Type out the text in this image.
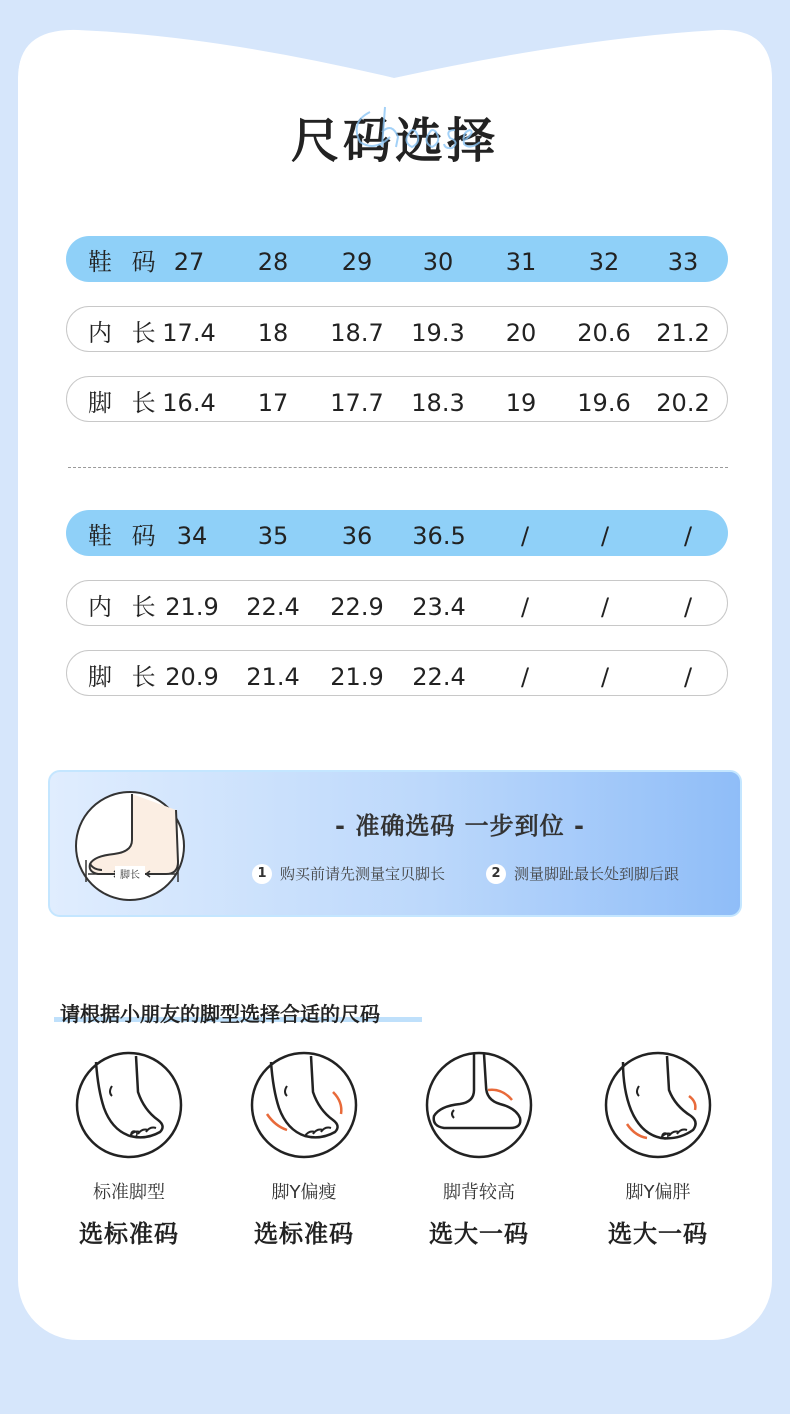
尺码选择
鞋 码 27	28	29	30	31	32	33
内 长 17.4	18	18.7	19.3	20	20.6	21.2
脚 长 16.4	17	17.7	18.3	19	19.6	20.2
鞋 码 34	35	36	36.5	/	/	/
内 长 21.9	22.4	22.9	23.4	/	/	/
脚 长 20.9	21.4	21.9	22.4	/	/	/
脚长
- 准确选码 一步到位 -
1 购买前请先测量宝贝脚长	2 测量脚趾最长处到脚后跟
请根据小朋友的脚型选择合适的尺码
标准脚型
选标准码
脚Y偏瘦
选标准码
脚背较高
选大一码
脚Y偏胖
选大一码
